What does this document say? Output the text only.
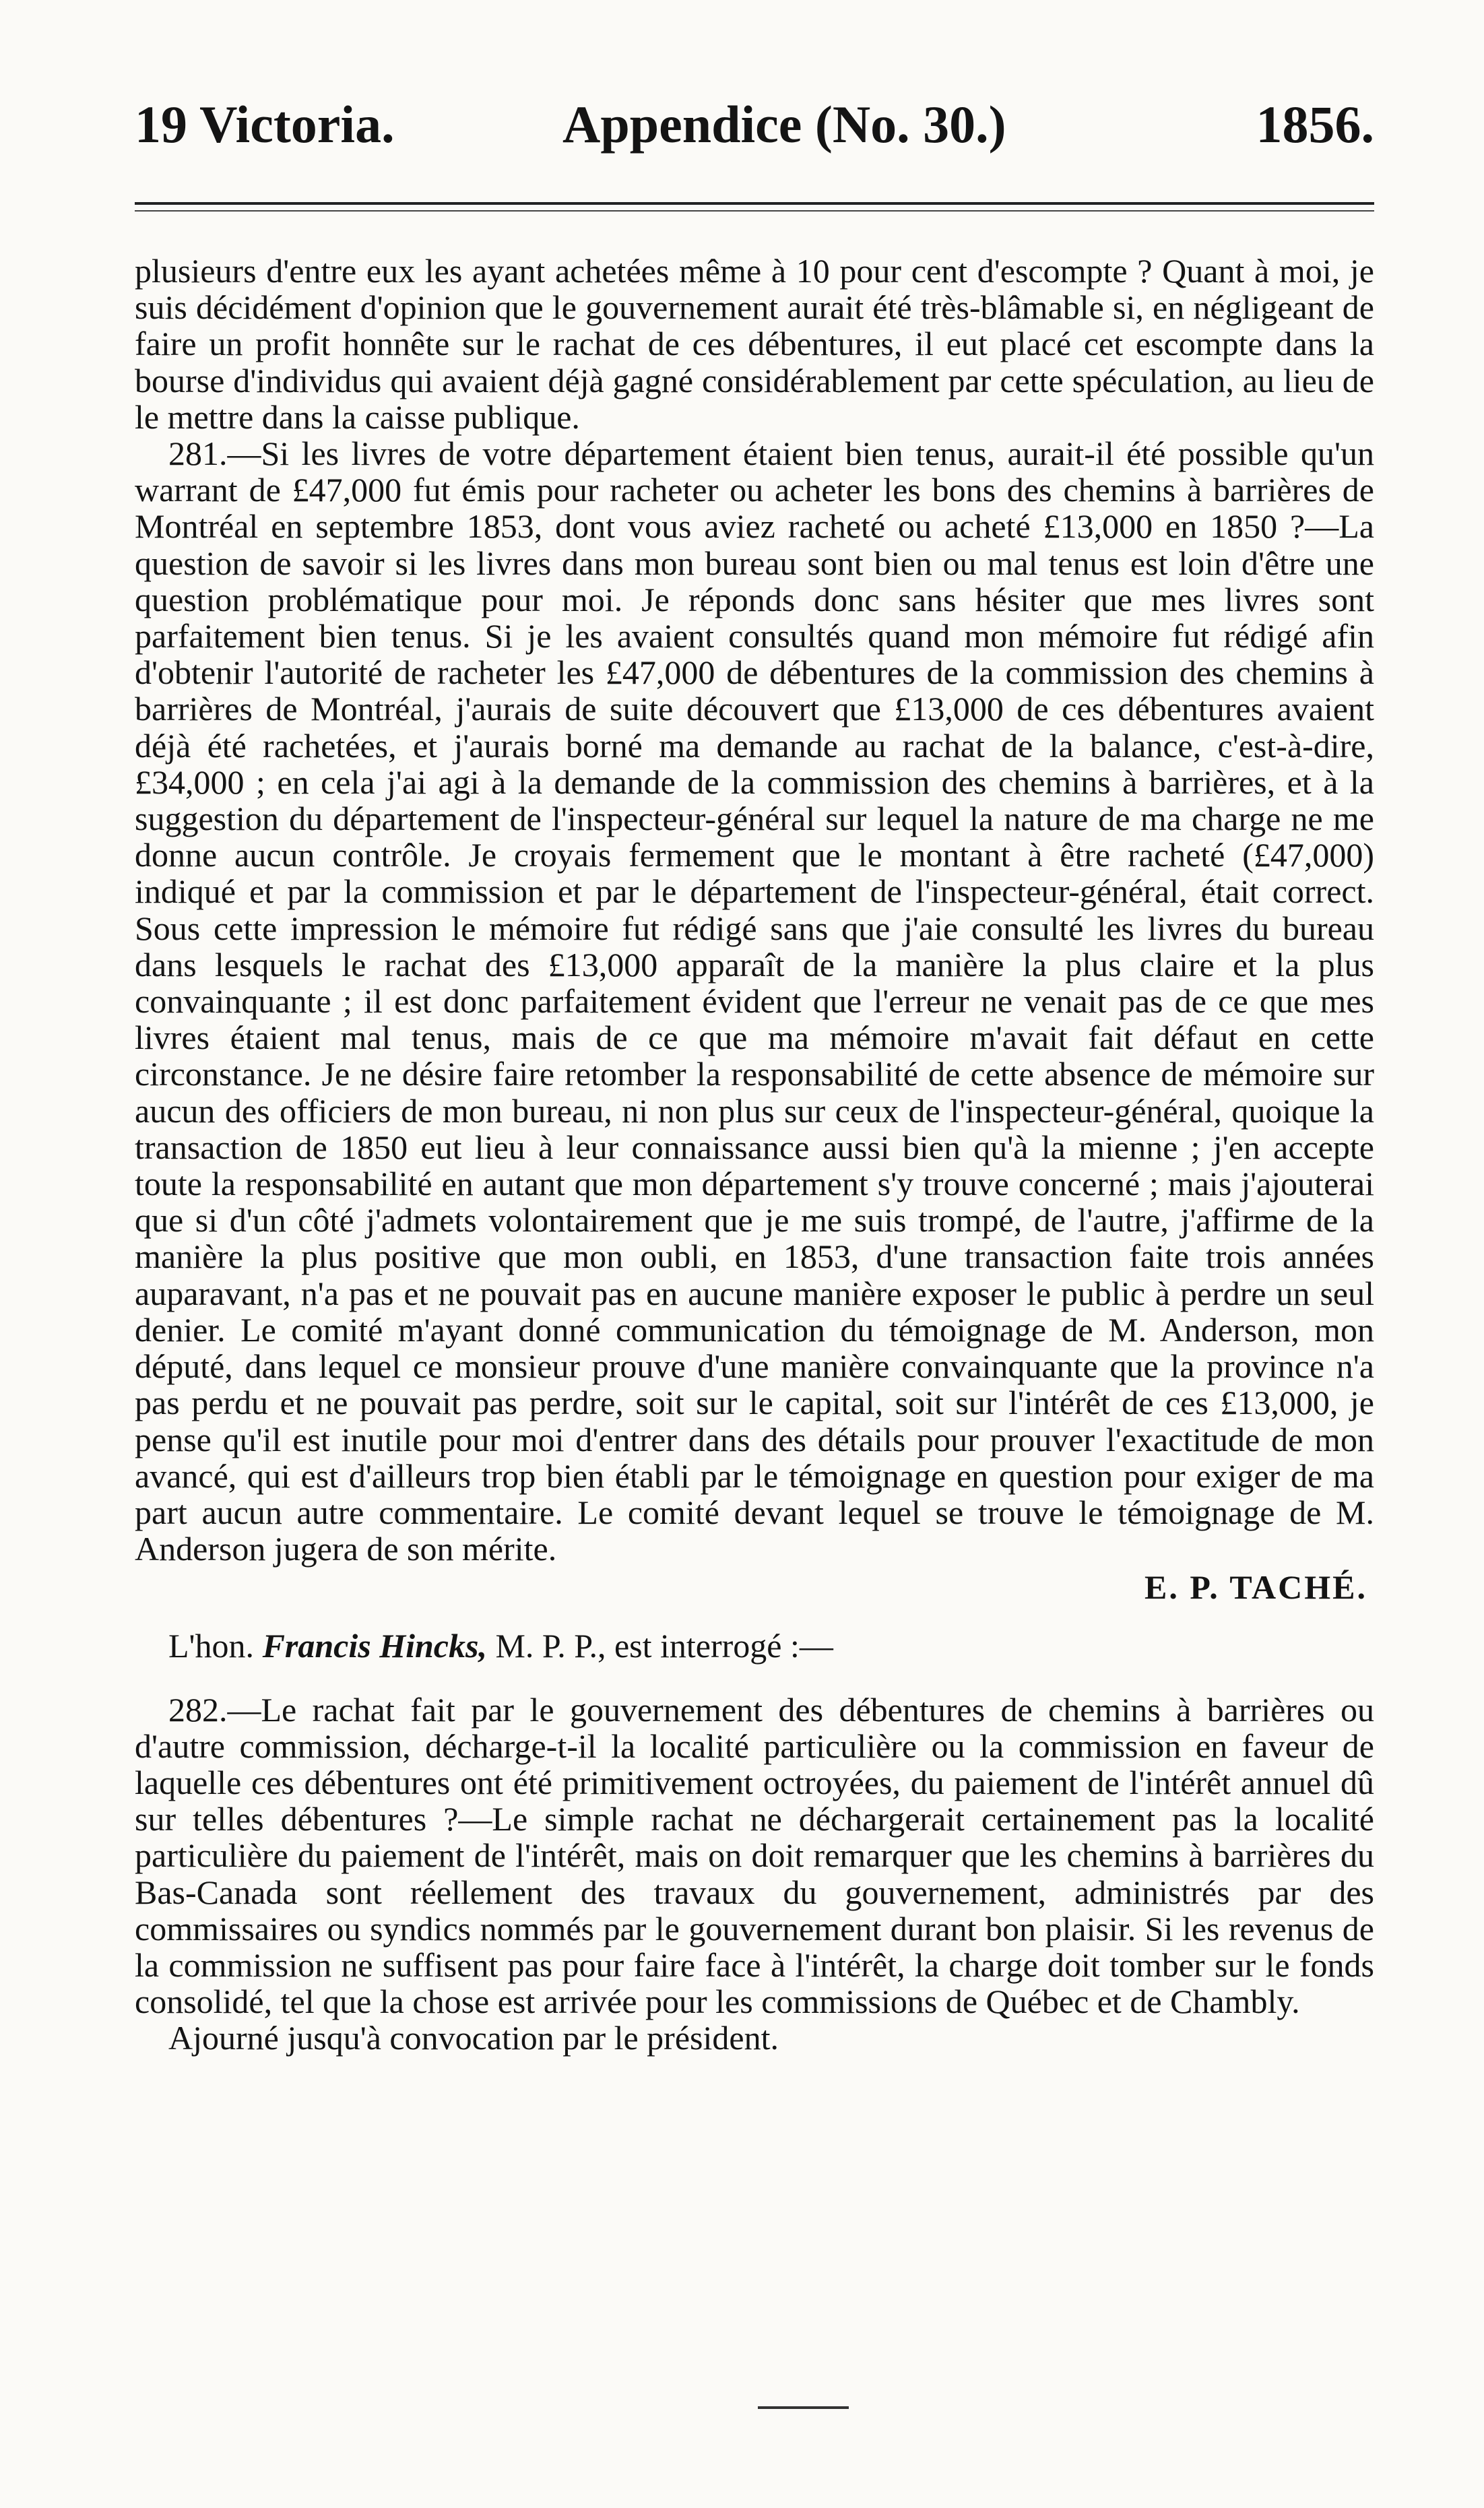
19 Victoria.	Appendice (No. 30.)	1856.

plusieurs d'entre eux les ayant achetées même à 10 pour cent d'escompte ? Quant à moi, je suis décidément d'opinion que le gouvernement aurait été très-blâmable si, en négligeant de faire un profit honnête sur le rachat de ces débentures, il eut placé cet escompte dans la bourse d'individus qui avaient déjà gagné considérablement par cette spéculation, au lieu de le mettre dans la caisse publique.

281.—Si les livres de votre département étaient bien tenus, aurait-il été possible qu'un warrant de £47,000 fut émis pour racheter ou acheter les bons des chemins à barrières de Montréal en septembre 1853, dont vous aviez racheté ou acheté £13,000 en 1850 ?—La question de savoir si les livres dans mon bureau sont bien ou mal tenus est loin d'être une question problématique pour moi. Je réponds donc sans hésiter que mes livres sont parfaitement bien tenus. Si je les avaient consultés quand mon mémoire fut rédigé afin d'obtenir l'autorité de racheter les £47,000 de débentures de la commission des chemins à barrières de Montréal, j'aurais de suite découvert que £13,000 de ces débentures avaient déjà été rachetées, et j'aurais borné ma demande au rachat de la balance, c'est-à-dire, £34,000 ; en cela j'ai agi à la demande de la commission des chemins à barrières, et à la suggestion du département de l'inspecteur-général sur lequel la nature de ma charge ne me donne aucun contrôle. Je croyais fermement que le montant à être racheté (£47,000) indiqué et par la commission et par le département de l'inspecteur-général, était correct. Sous cette impression le mémoire fut rédigé sans que j'aie consulté les livres du bureau dans lesquels le rachat des £13,000 apparaît de la manière la plus claire et la plus convainquante ; il est donc parfaitement évident que l'erreur ne venait pas de ce que mes livres étaient mal tenus, mais de ce que ma mémoire m'avait fait défaut en cette circonstance. Je ne désire faire retomber la responsabilité de cette absence de mémoire sur aucun des officiers de mon bureau, ni non plus sur ceux de l'inspecteur-général, quoique la transaction de 1850 eut lieu à leur connaissance aussi bien qu'à la mienne ; j'en accepte toute la responsabilité en autant que mon département s'y trouve concerné ; mais j'ajouterai que si d'un côté j'admets volontairement que je me suis trompé, de l'autre, j'affirme de la manière la plus positive que mon oubli, en 1853, d'une transaction faite trois années auparavant, n'a pas et ne pouvait pas en aucune manière exposer le public à perdre un seul denier. Le comité m'ayant donné communication du témoignage de M. Anderson, mon député, dans lequel ce monsieur prouve d'une manière convainquante que la province n'a pas perdu et ne pouvait pas perdre, soit sur le capital, soit sur l'intérêt de ces £13,000, je pense qu'il est inutile pour moi d'entrer dans des détails pour prouver l'exactitude de mon avancé, qui est d'ailleurs trop bien établi par le témoignage en question pour exiger de ma part aucun autre commentaire. Le comité devant lequel se trouve le témoignage de M. Anderson jugera de son mérite.

E. P. TACHÉ.

L'hon. Francis Hincks, M. P. P., est interrogé :—

282.—Le rachat fait par le gouvernement des débentures de chemins à barrières ou d'autre commission, décharge-t-il la localité particulière ou la commission en faveur de laquelle ces débentures ont été primitivement octroyées, du paiement de l'intérêt annuel dû sur telles débentures ?—Le simple rachat ne déchargerait certainement pas la localité particulière du paiement de l'intérêt, mais on doit remarquer que les chemins à barrières du Bas-Canada sont réellement des travaux du gouvernement, administrés par des commissaires ou syndics nommés par le gouvernement durant bon plaisir. Si les revenus de la commission ne suffisent pas pour faire face à l'intérêt, la charge doit tomber sur le fonds consolidé, tel que la chose est arrivée pour les commissions de Québec et de Chambly.

Ajourné jusqu'à convocation par le président.
